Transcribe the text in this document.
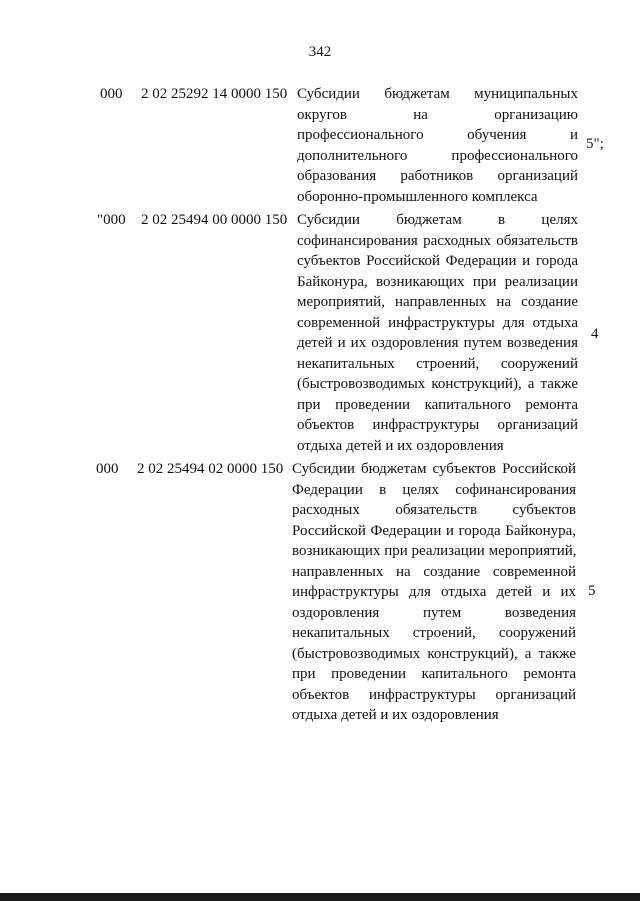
342
000 2 02 25292 14 0000 150 Субсидии бюджетам муниципальных
округов на организацию
профессионального обучения и
дополнительного профессионального
образования работников организаций
оборонно-промышленного комплекса
5";
"000 2 02 25494 00 0000 150 Субсидии бюджетам в целях
софинансирования расходных обязательств
субъектов Российской Федерации и города
Байконура, возникающих при реализации
мероприятий, направленных на создание
современной инфраструктуры для отдыха
детей и их оздоровления путем возведения
некапитальных строений, сооружений
(быстровозводимых конструкций), а также
при проведении капитального ремонта
объектов инфраструктуры организаций
отдыха детей и их оздоровления
4
000 2 02 25494 02 0000 150 Субсидии бюджетам субъектов Российской
Федерации в целях софинансирования
расходных обязательств субъектов
Российской Федерации и города Байконура,
возникающих при реализации мероприятий,
направленных на создание современной
инфраструктуры для отдыха детей и их
оздоровления путем возведения
некапитальных строений, сооружений
(быстровозводимых конструкций), а также
при проведении капитального ремонта
объектов инфраструктуры организаций
отдыха детей и их оздоровления
5
